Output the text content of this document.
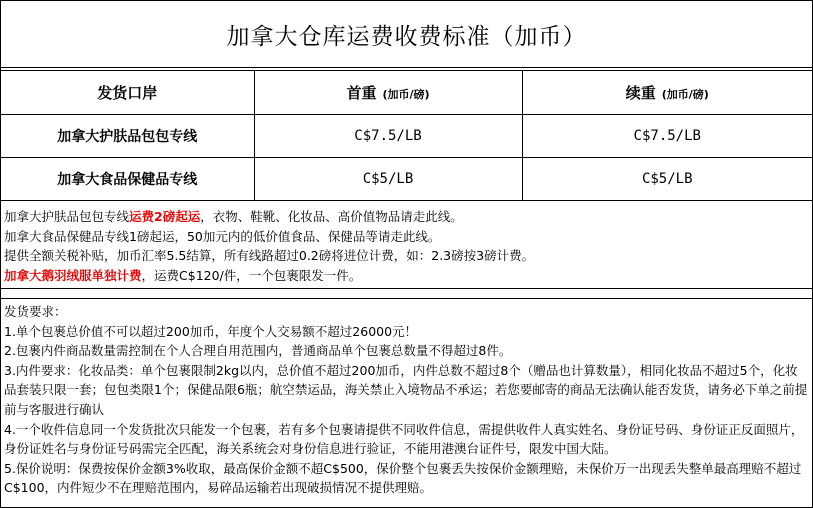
加拿大仓库运费收费标准（加币）
发货口岸	首重 (加币/磅)	续重 (加币/磅)
加拿大护肤品包包专线	C$7.5/LB	C$7.5/LB
加拿大食品保健品专线	C$5/LB	C$5/LB
加拿大护肤品包包专线运费2磅起运，衣物、鞋靴、化妆品、高价值物品请走此线。
加拿大食品保健品专线1磅起运，50加元内的低价值食品、保健品等请走此线。
提供全额关税补贴，加币汇率5.5结算，所有线路超过0.2磅将进位计费，如：2.3磅按3磅计费。
加拿大鹅羽绒服单独计费，运费C$120/件，一个包裹限发一件。
发货要求：
1.单个包裹总价值不可以超过200加币，年度个人交易额不超过26000元！
2.包裹内件商品数量需控制在个人合理自用范围内，普通商品单个包裹总数量不得超过8件。
3.内件要求：化妆品类：单个包裹限制2kg以内，总价值不超过200加币，内件总数不超过8个（赠品也计算数量），相同化妆品不超过5个，化妆品套装只限一套；包包类限1个；保健品限6瓶；航空禁运品，海关禁止入境物品不承运；若您要邮寄的商品无法确认能否发货，请务必下单之前提前与客服进行确认
4.一个收件信息同一个发货批次只能发一个包裹，若有多个包裹请提供不同收件信息，需提供收件人真实姓名、身份证号码、身份证正反面照片，身份证姓名与身份证号码需完全匹配，海关系统会对身份信息进行验证，不能用港澳台证件号，限发中国大陆。
5.保价说明：保费按保价金额3%收取，最高保价金额不超C$500，保价整个包裹丢失按保价金额理赔，未保价万一出现丢失整单最高理赔不超过C$100，内件短少不在理赔范围内，易碎品运输若出现破损情况不提供理赔。
